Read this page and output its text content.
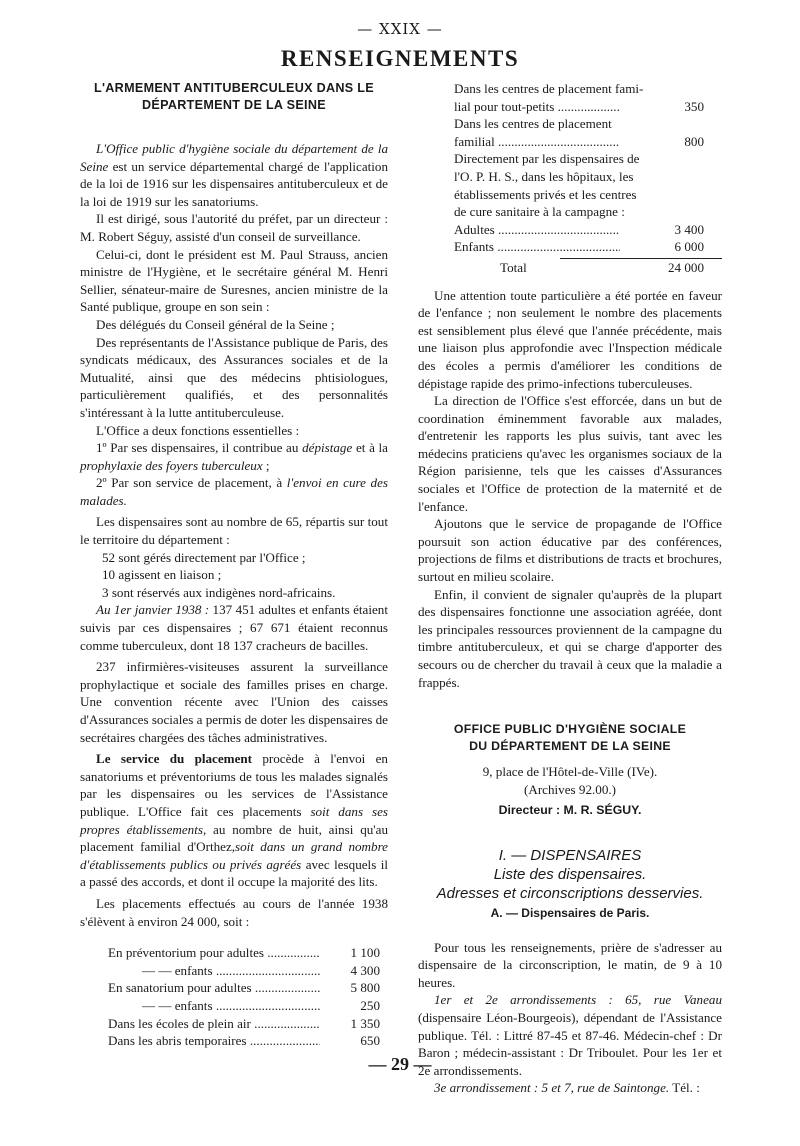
— XXIX —
RENSEIGNEMENTS
L'ARMEMENT ANTITUBERCULEUX DANS LE
DÉPARTEMENT DE LA SEINE

L'Office public d'hygiène sociale du département de la Seine est un service départemental chargé de l'application de la loi de 1916 sur les dispensaires antituberculeux et de la loi de 1919 sur les sanatoriums.

Il est dirigé, sous l'autorité du préfet, par un directeur : M. Robert Séguy, assisté d'un conseil de surveillance.

Celui-ci, dont le président est M. Paul Strauss, ancien ministre de l'Hygiène, et le secrétaire général M. Henri Sellier, sénateur-maire de Suresnes, ancien ministre de la Santé publique, groupe en son sein :

Des délégués du Conseil général de la Seine ;

Des représentants de l'Assistance publique de Paris, des syndicats médicaux, des Assurances sociales et de la Mutualité, ainsi que des médecins phtisiologues, particulièrement qualifiés, et des personnalités s'intéressant à la lutte antituberculeuse.

L'Office a deux fonctions essentielles :

1º Par ses dispensaires, il contribue au dépistage et à la prophylaxie des foyers tuberculeux ;

2º Par son service de placement, à l'envoi en cure des malades.

Les dispensaires sont au nombre de 65, répartis sur tout le territoire du département :

52 sont gérés directement par l'Office ;

10 agissent en liaison ;

3 sont réservés aux indigènes nord-africains.

Au 1er janvier 1938 : 137 451 adultes et enfants étaient suivis par ces dispensaires ; 67 671 étaient reconnus comme tuberculeux, dont 18 137 cracheurs de bacilles.

237 infirmières-visiteuses assurent la surveillance prophylactique et sociale des familles prises en charge. Une convention récente avec l'Union des caisses d'Assurances sociales a permis de doter les dispensaires de secrétaires chargées des tâches administratives.

Le service du placement procède à l'envoi en sanatoriums et préventoriums de tous les malades signalés par les dispensaires ou les services de l'Assistance publique. L'Office fait ces placements soit dans ses propres établissements, au nombre de huit, ainsi qu'au placement familial d'Orthez,soit dans un grand nombre d'établissements publics ou privés agréés avec lesquels il a passé des accords, et dont il occupe la majorité des lits.

Les placements effectués au cours de l'année 1938 s'élèvent à environ 24 000, soit :

En préventorium pour adultes .....	1 100
— — enfants .....	4 300
En sanatorium pour adultes .....	5 800
— — enfants .....	250
Dans les écoles de plein air .....	1 350
Dans les abris temporaires .....	650
Dans les centres de placement fami-
lial pour tout-petits .....	350
Dans les centres de placement
familial .....	800
Directement par les dispensaires de
l'O. P. H. S., dans les hôpitaux, les
établissements privés et les centres
de cure sanitaire à la campagne :
Adultes .....	3 400
Enfants .....	6 000
Total	24 000

Une attention toute particulière a été portée en faveur de l'enfance ; non seulement le nombre des placements est sensiblement plus élevé que l'année précédente, mais une liaison plus approfondie avec l'Inspection médicale des écoles a permis d'améliorer les conditions de dépistage rapide des primo-infections tuberculeuses.

La direction de l'Office s'est efforcée, dans un but de coordination éminemment favorable aux malades, d'entretenir les rapports les plus suivis, tant avec les médecins praticiens qu'avec les organismes sociaux de la Région parisienne, tels que les caisses d'Assurances sociales et l'Office de protection de la maternité et de l'enfance.

Ajoutons que le service de propagande de l'Office poursuit son action éducative par des conférences, projections de films et distributions de tracts et brochures, surtout en milieu scolaire.

Enfin, il convient de signaler qu'auprès de la plupart des dispensaires fonctionne une association agréée, dont les principales ressources proviennent de la campagne du timbre antituberculeux, et qui se charge d'apporter des secours ou de chercher du travail à ceux que la maladie a frappés.

OFFICE PUBLIC D'HYGIÈNE SOCIALE
DU DÉPARTEMENT DE LA SEINE

9, place de l'Hôtel-de-Ville (IVe).

(Archives 92.00.)

Directeur : M. R. SÉGUY.
I. — DISPENSAIRES
Liste des dispensaires.
Adresses et circonscriptions desservies.
A. — Dispensaires de Paris.

Pour tous les renseignements, prière de s'adresser au dispensaire de la circonscription, le matin, de 9 à 10 heures.

1er et 2e arrondissements : 65, rue Vaneau (dispensaire Léon-Bourgeois), dépendant de l'Assistance publique. Tél. : Littré 87-45 et 87-46. Médecin-chef : Dr Baron ; médecin-assistant : Dr Triboulet. Pour les 1er et 2e arrondissements.

3e arrondissement : 5 et 7, rue de Saintonge. Tél. :

— 29 —
